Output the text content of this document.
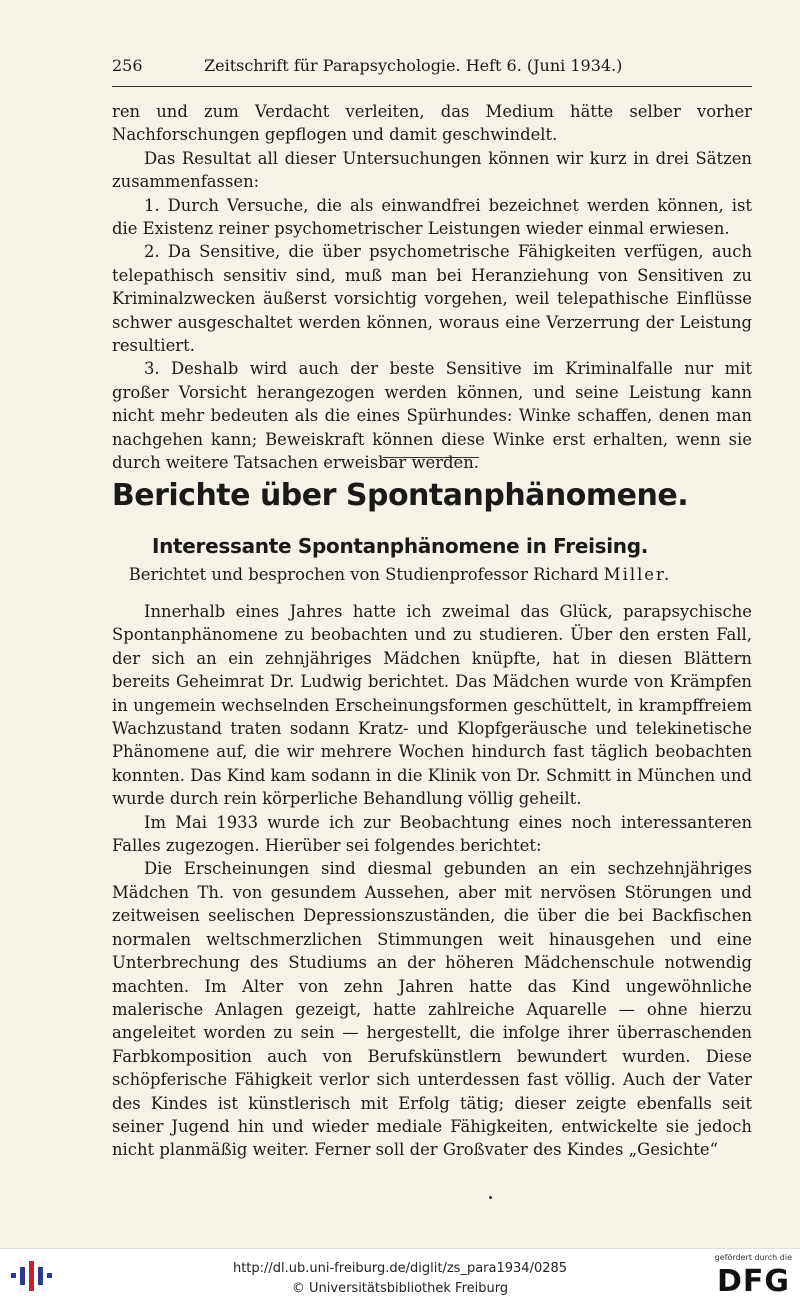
256	Zeitschrift für Parapsychologie. Heft 6. (Juni 1934.)

ren und zum Verdacht verleiten, das Medium hätte selber vorher Nachforschungen gepflogen und damit geschwindelt.

Das Resultat all dieser Untersuchungen können wir kurz in drei Sätzen zusammenfassen:

1. Durch Versuche, die als einwandfrei bezeichnet werden können, ist die Existenz reiner psychometrischer Leistungen wieder einmal erwiesen.

2. Da Sensitive, die über psychometrische Fähigkeiten verfügen, auch telepathisch sensitiv sind, muß man bei Heranziehung von Sensitiven zu Kriminalzwecken äußerst vorsichtig vorgehen, weil telepathische Einflüsse schwer ausgeschaltet werden können, woraus eine Verzerrung der Leistung resultiert.

3. Deshalb wird auch der beste Sensitive im Kriminalfalle nur mit großer Vorsicht herangezogen werden können, und seine Leistung kann nicht mehr bedeuten als die eines Spürhundes: Winke schaffen, denen man nachgehen kann; Beweiskraft können diese Winke erst erhalten, wenn sie durch weitere Tatsachen erweisbar werden.

Berichte über Spontanphänomene.
Interessante Spontanphänomene in Freising.
Berichtet und besprochen von Studienprofessor Richard Miller.

Innerhalb eines Jahres hatte ich zweimal das Glück, parapsychische Spontanphänomene zu beobachten und zu studieren. Über den ersten Fall, der sich an ein zehnjähriges Mädchen knüpfte, hat in diesen Blättern bereits Geheimrat Dr. Ludwig berichtet. Das Mädchen wurde von Krämpfen in ungemein wechselnden Erscheinungsformen geschüttelt, in krampffreiem Wachzustand traten sodann Kratz- und Klopfgeräusche und telekinetische Phänomene auf, die wir mehrere Wochen hindurch fast täglich beobachten konnten. Das Kind kam sodann in die Klinik von Dr. Schmitt in München und wurde durch rein körperliche Behandlung völlig geheilt.

Im Mai 1933 wurde ich zur Beobachtung eines noch interessanteren Falles zugezogen. Hierüber sei folgendes berichtet:

Die Erscheinungen sind diesmal gebunden an ein sechzehnjähriges Mädchen Th. von gesundem Aussehen, aber mit nervösen Störungen und zeitweisen seelischen Depressionszuständen, die über die bei Backfischen normalen weltschmerzlichen Stimmungen weit hinausgehen und eine Unterbrechung des Studiums an der höheren Mädchenschule notwendig machten. Im Alter von zehn Jahren hatte das Kind ungewöhnliche malerische Anlagen gezeigt, hatte zahlreiche Aquarelle — ohne hierzu angeleitet worden zu sein — hergestellt, die infolge ihrer überraschenden Farbkomposition auch von Berufskünstlern bewundert wurden. Diese schöpferische Fähigkeit verlor sich unterdessen fast völlig. Auch der Vater des Kindes ist künstlerisch mit Erfolg tätig; dieser zeigte ebenfalls seit seiner Jugend hin und wieder mediale Fähigkeiten, entwickelte sie jedoch nicht planmäßig weiter. Ferner soll der Großvater des Kindes „Gesichte“

http://dl.ub.uni-freiburg.de/diglit/zs_para1934/0285
© Universitätsbibliothek Freiburg
gefördert durch die
DFG
